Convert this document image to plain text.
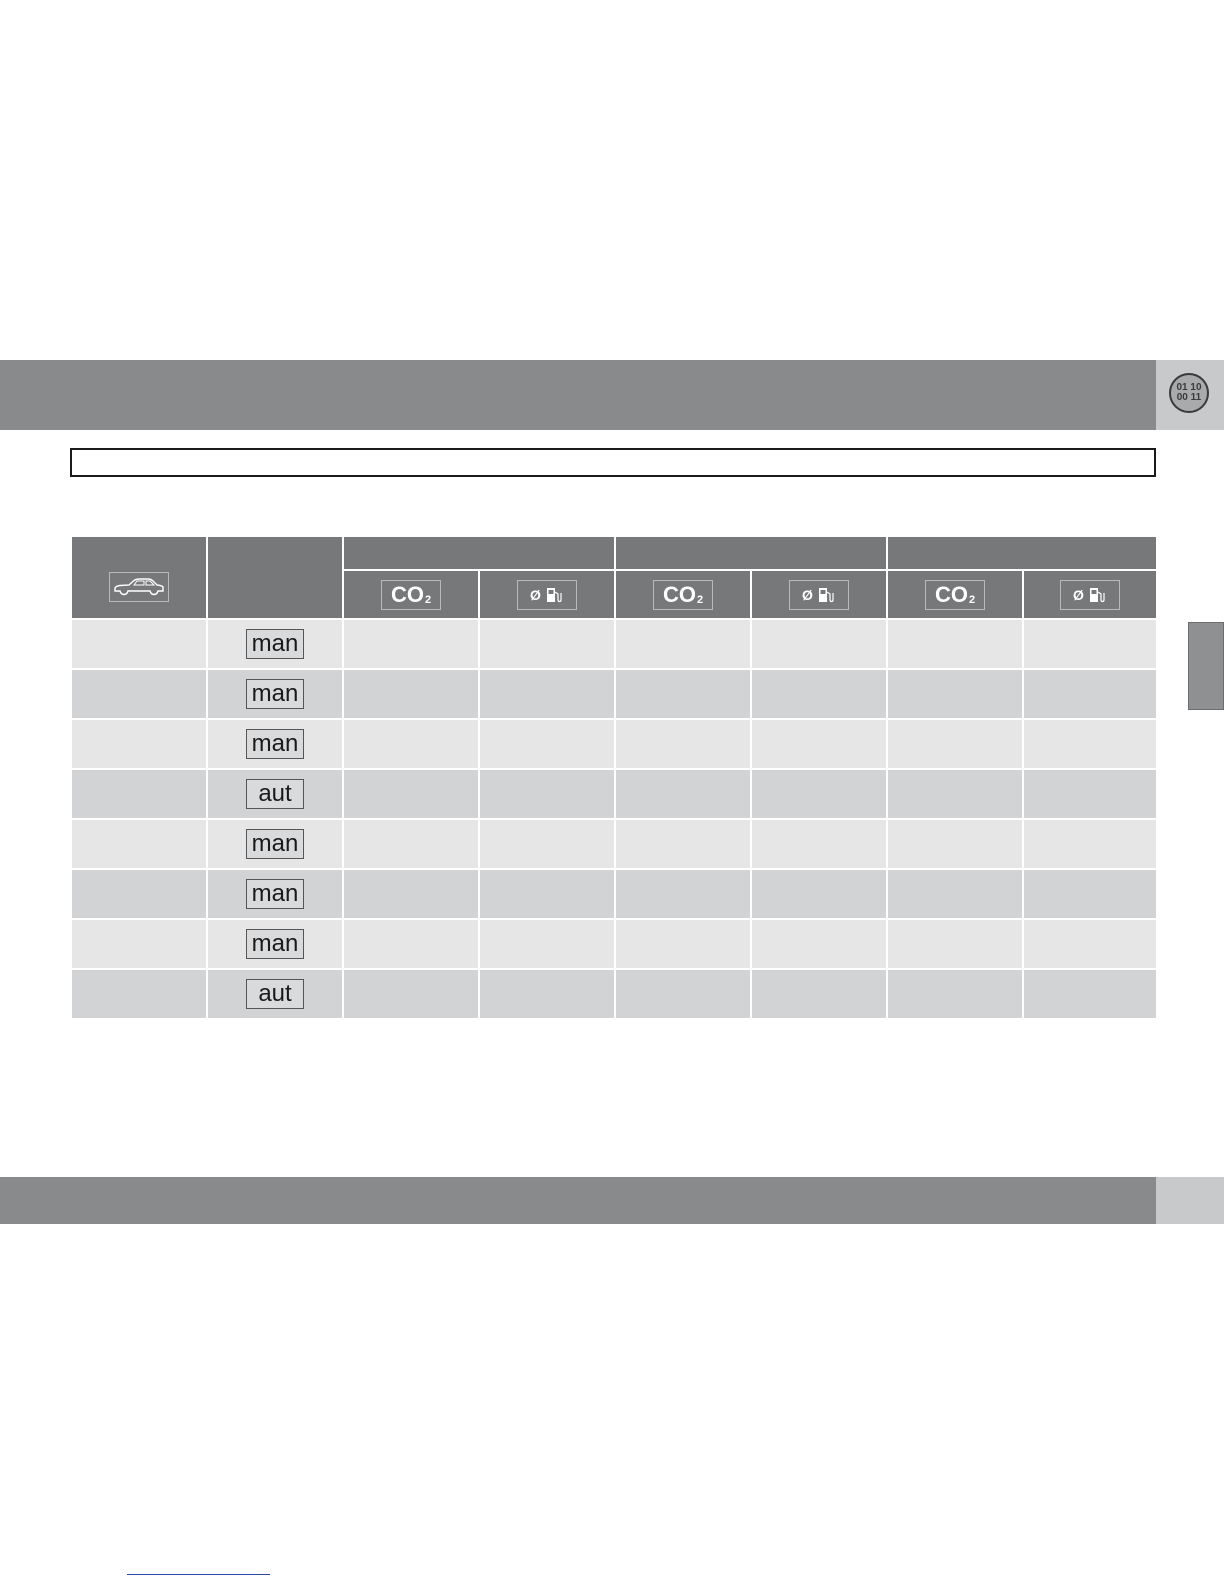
01 10
00 11

		$CO_2$	Ø	$CO_2$	Ø	$CO_2$	Ø

	man						
	man						
	man						
	aut						
	man						
	man						
	man						
	aut						
